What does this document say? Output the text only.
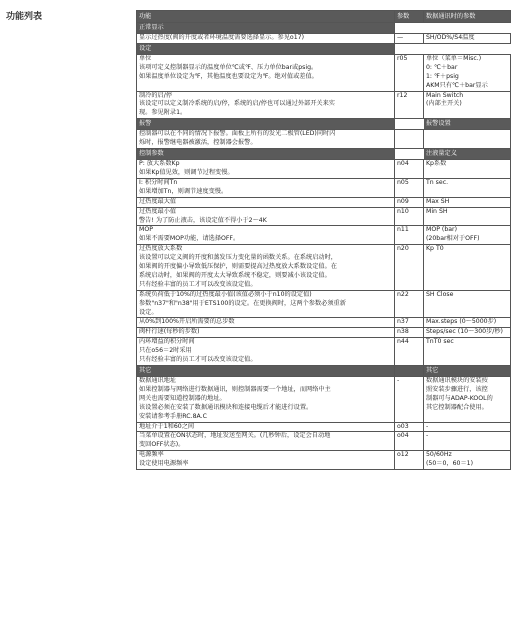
功能列表	功能	参数	数据通讯时的参数

正常显示		

显示过热度(阀的开度或者环境温度需要选择显示。参见o17)	—	SH/OD%/S4温度

设定		

单位
该项可定义控制器显示的温度单位℃或℉、压力单位bar或psig。
如果温度单位设定为℉，其他温度也要设定为℉。绝对值或差值。	r05	单位（菜单＝Misc.)
0: ℃＋bar
1: ℉＋psig
AKM只有℃＋bar显示

制冷的启/停
该设定可以定义制冷系统的启/停，系统的启/停也可以通过外部开关来实
现。参见附录1。	r12	Main Switch
(内部主开关)

报警		报警设置

控制器可以在不同的情况下报警。面板上所有的发光二极管(LED)同时闪
烁时，报警继电器被激活，控制器会报警。		

控制参数		注液量定义

P: 放大系数Kp
如果Kp值见效，则调节过程变慢。	n04	Kp系数

I: 积分时间Tn
如果增加Tn，则调节速度变慢。	n05	Tn sec.

过热度最大值	n09	Max SH

过热度最小值
警告! 为了防止液击，该设定值不得小于2～4K	n10	Min SH

MOP
如果不需要MOP功能，请选择OFF。	n11	MOP (bar)
(20bar相对于OFF)

过热度放大系数
该设置可以定义阀的开度和蒸发压力变化量的函数关系。在系统启动时，
如果阀的开度偏小导致低压保护，则需要提高过热度放大系数设定值。在
系统启动时，如果阀的开度太大导致系统不稳定，则要减小该设定值。
只有经验丰富的员工才可以改变该设定值。	n20	Kp T0

系统负荷低于10%的过热度最小值(该值必须小于n10的设定值)
参数"n37"和"n38"用于ETS100的设定。在更换阀时，这两个参数必须重新
设定。	n22	SH Close

从0%到100%开启所需要的总步数	n37	Max.steps (0～5000步)

阀杆行速(每秒的步数)	n38	Steps/sec (10～300步/秒)

内环增益的积分时间
只在o56＝2时采用
只有经验丰富的员工才可以改变该设定值。	n44	TnT0 sec

其它		其它

数据通讯地址
如果控制器与网络进行数据通讯，则控制器需要一个地址，而网络中主
网关也需要知道控制器的地址。
该设置必须在安装了数据通讯模块和连接电缆后才能进行设置。
安装请参考手册RC.8A.C	-	数据通讯模块的安装按
照安装步骤进行，该控
制器可与ADAP-KOOL的
其它控制器配合使用。

地址介于1和60之间	o03	-

当菜单设置在ON状态时，地址发送至网关。(几秒钟后，设定会自动地
变回OFF状态)。	o04	-

电源频率
设定使用电源频率	o12	50/60Hz
(50＝0，60＝1)
